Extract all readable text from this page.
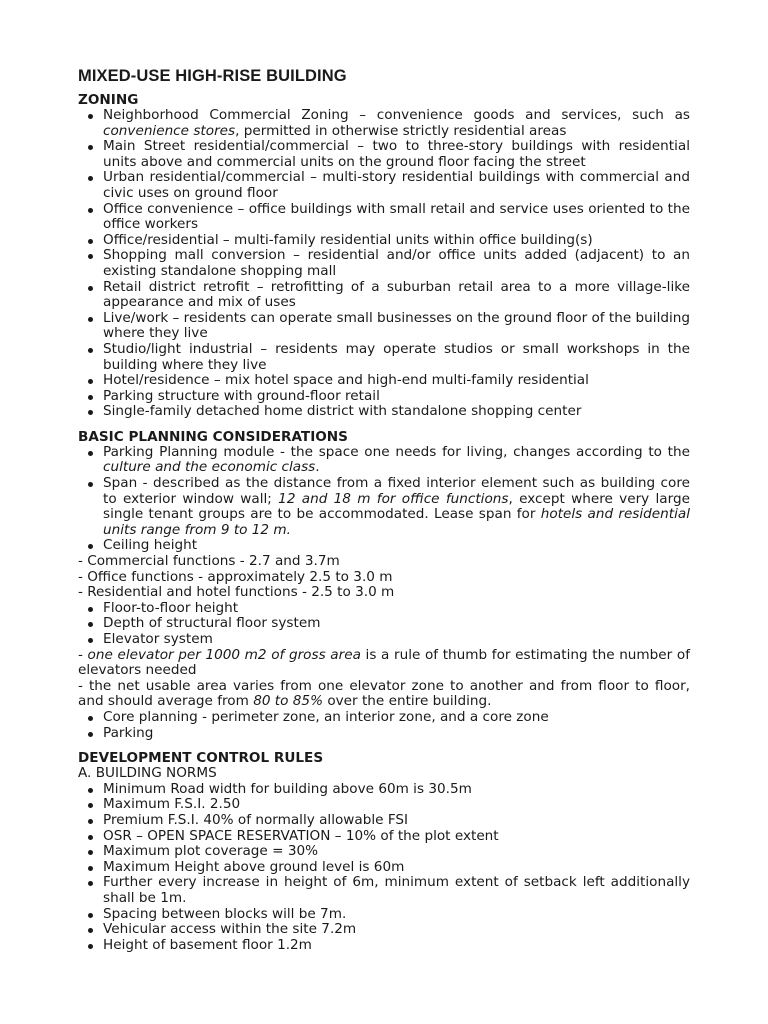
MIXED-USE HIGH-RISE BUILDING
ZONING
Neighborhood Commercial Zoning – convenience goods and services, such as convenience stores, permitted in otherwise strictly residential areas
Main Street residential/commercial – two to three-story buildings with residential units above and commercial units on the ground floor facing the street
Urban residential/commercial – multi-story residential buildings with commercial and civic uses on ground floor
Office convenience – office buildings with small retail and service uses oriented to the office workers
Office/residential – multi-family residential units within office building(s)
Shopping mall conversion – residential and/or office units added (adjacent) to an existing standalone shopping mall
Retail district retrofit – retrofitting of a suburban retail area to a more village-like appearance and mix of uses
Live/work – residents can operate small businesses on the ground floor of the building where they live
Studio/light industrial – residents may operate studios or small workshops in the building where they live
Hotel/residence – mix hotel space and high-end multi-family residential
Parking structure with ground-floor retail
Single-family detached home district with standalone shopping center
BASIC PLANNING CONSIDERATIONS
Parking Planning module - the space one needs for living, changes according to the culture and the economic class.
Span - described as the distance from a fixed interior element such as building core to exterior window wall; 12 and 18 m for office functions, except where very large single tenant groups are to be accommodated. Lease span for hotels and residential units range from 9 to 12 m.
Ceiling height

- Commercial functions - 2.7 and 3.7m

- Office functions - approximately 2.5 to 3.0 m

- Residential and hotel functions - 2.5 to 3.0 m

Floor-to-floor height
Depth of structural floor system
Elevator system

- one elevator per 1000 m2 of gross area is a rule of thumb for estimating the number of elevators needed

- the net usable area varies from one elevator zone to another and from floor to floor, and should average from 80 to 85% over the entire building.

Core planning - perimeter zone, an interior zone, and a core zone
Parking
DEVELOPMENT CONTROL RULES

A. BUILDING NORMS

Minimum Road width for building above 60m is 30.5m
Maximum F.S.I. 2.50
Premium F.S.I. 40% of normally allowable FSI
OSR – OPEN SPACE RESERVATION – 10% of the plot extent
Maximum plot coverage = 30%
Maximum Height above ground level is 60m
Further every increase in height of 6m, minimum extent of setback left additionally shall be 1m.
Spacing between blocks will be 7m.
Vehicular access within the site 7.2m
Height of basement floor 1.2m
